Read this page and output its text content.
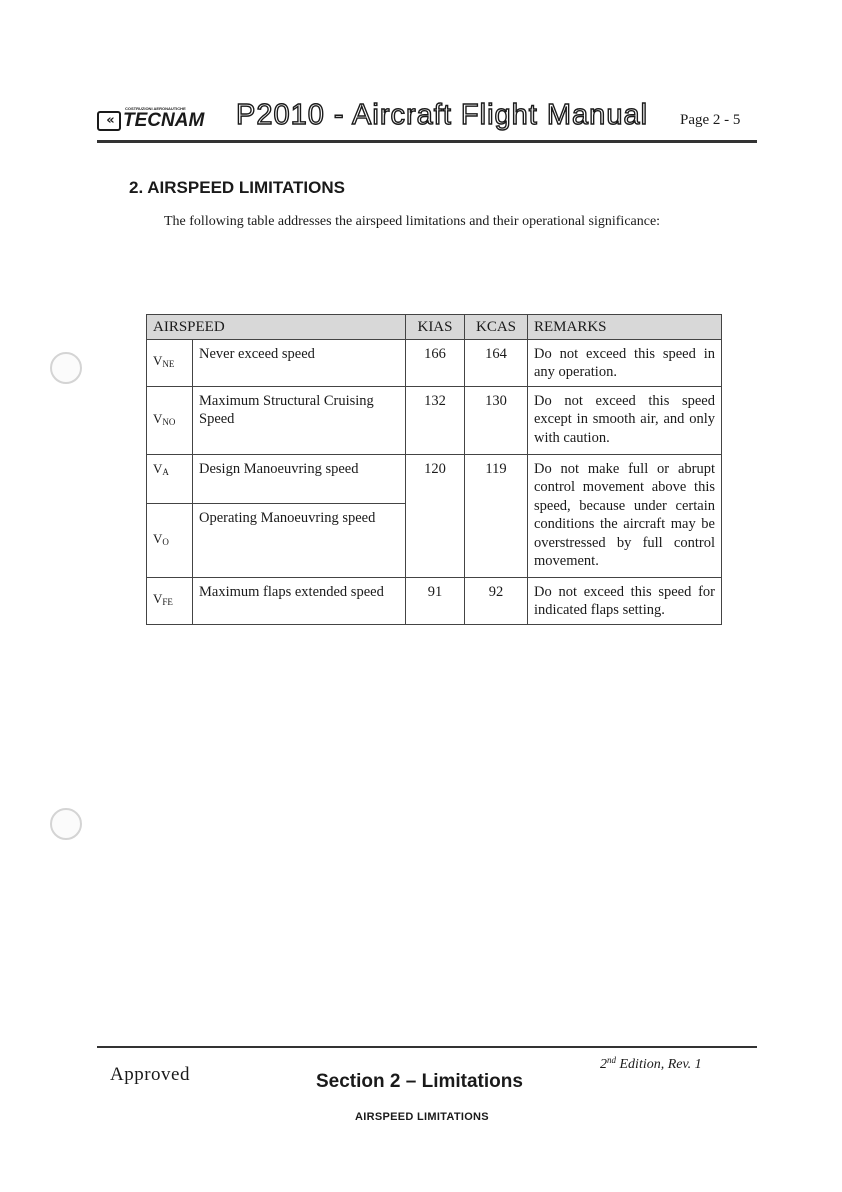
«
COSTRUZIONI AERONAUTICHE
TECNAM P2010 - Aircraft Flight Manual Page 2 - 5
2. AIRSPEED LIMITATIONS
The following table addresses the airspeed limitations and their operational significance:
AIRSPEED		KIAS	KCAS	REMARKS
$V_{NE}$	Never exceed speed	166	164	Do not exceed this speed in any operation.
$V_{NO}$	Maximum Structural Cruising Speed	132	130	Do not exceed this speed except in smooth air, and only with caution.
$V_A$	Design Manoeuvring speed	120	119	Do not make full or abrupt control movement above this speed, because under certain conditions the aircraft may be overstressed by full control movement.
$V_O$	Operating Manoeuvring speed			
$V_{FE}$	Maximum flaps extended speed	91	92	Do not exceed this speed for indicated flaps setting.
2nd Edition, Rev. 1
Approved	Section 2 – Limitations
AIRSPEED LIMITATIONS
